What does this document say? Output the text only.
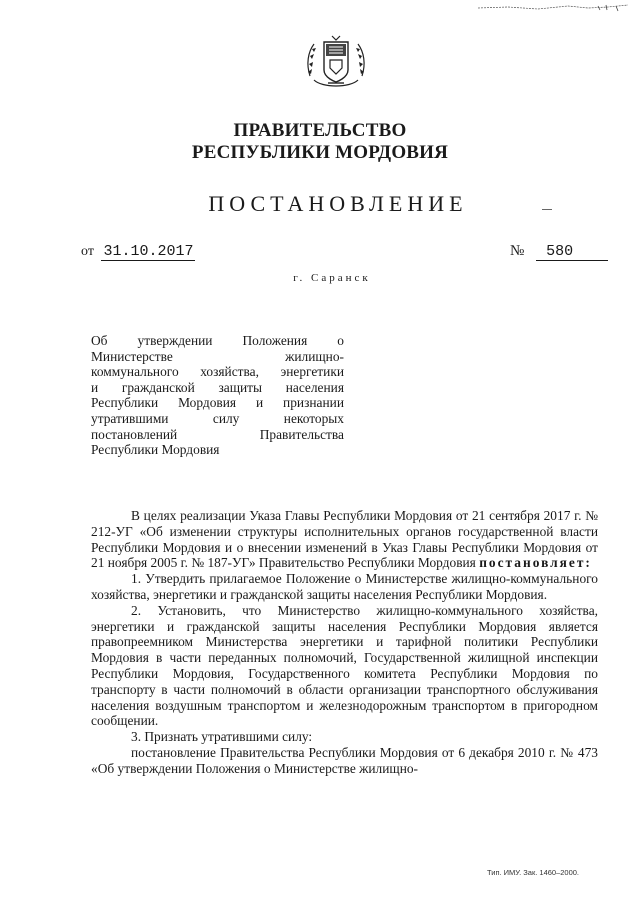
ПРАВИТЕЛЬСТВО
РЕСПУБЛИКИ МОРДОВИЯ
ПОСТАНОВЛЕНИЕ
от 31.10.2017	№ 580
г. Саранск
Об утверждении Положения о
Министерстве жилищно-
коммунального хозяйства, энергетики
и гражданской защиты населения
Республики Мордовия и признании
утратившими силу некоторых
постановлений Правительства
Республики Мордовия

В целях реализации Указа Главы Республики Мордовия от 21 сентября 2017 г. № 212-УГ «Об изменении структуры исполнительных органов государственной власти Республики Мордовия и о внесении изменений в Указ Главы Республики Мордовия от 21 ноября 2005 г. № 187-УГ» Правительство Республики Мордовия постановляет:

1. Утвердить прилагаемое Положение о Министерстве жилищно-коммунального хозяйства, энергетики и гражданской защиты населения Республики Мордовия.

2. Установить, что Министерство жилищно-коммунального хозяйства, энергетики и гражданской защиты населения Республики Мордовия является правопреемником Министерства энергетики и тарифной политики Республики Мордовия в части переданных полномочий, Государственной жилищной инспекции Республики Мордовия, Государственного комитета Республики Мордовия по транспорту в части полномочий в области организации транспортного обслуживания населения воздушным транспортом и железнодорожным транспортом в пригородном сообщении.

3. Признать утратившими силу:

постановление Правительства Республики Мордовия от 6 декабря 2010 г. № 473 «Об утверждении Положения о Министерстве жилищно-

Тип. ИМУ. Зак. 1460–2000.
